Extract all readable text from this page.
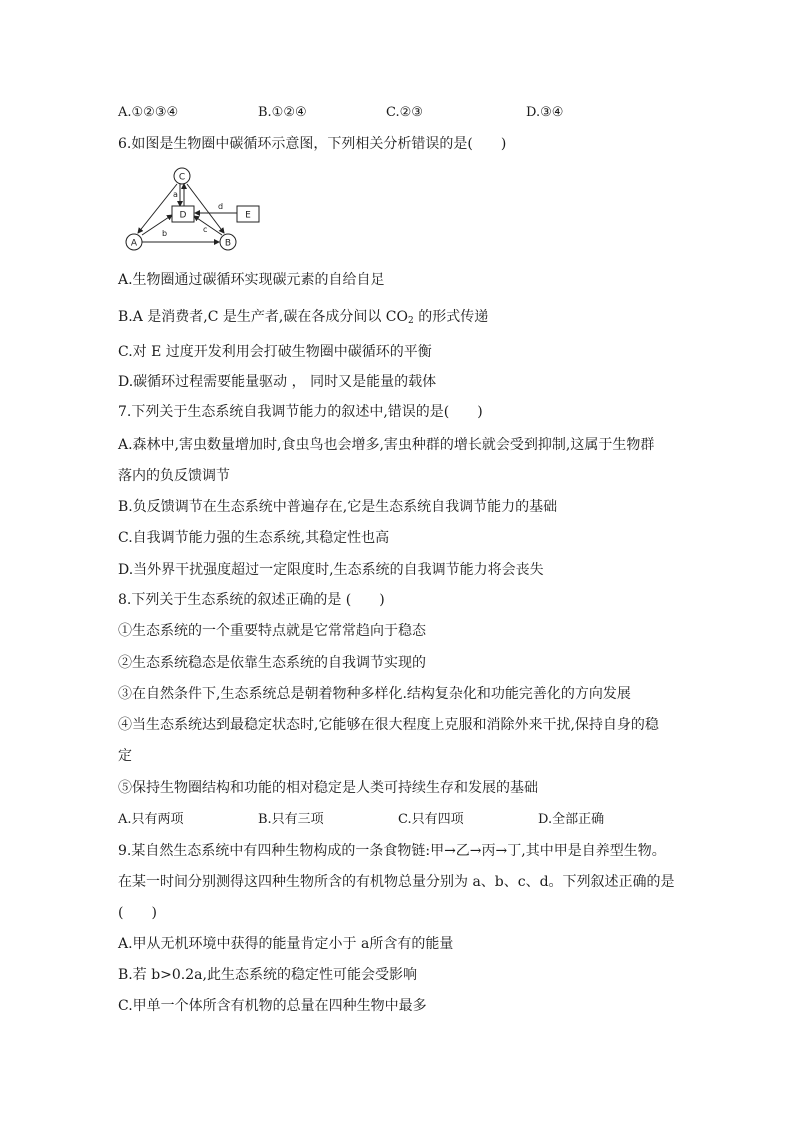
A.①②③④	B.①②④	C.②③	D.③④
6.如图是生物圈中碳循环示意图，下列相关分析错误的是(　　)
C
D	E
A	B
a
b	c
d
A.生物圈通过碳循环实现碳元素的自给自足
B.A 是消费者,C 是生产者,碳在各成分间以 $CO_2$ 的形式传递
C.对 E 过度开发利用会打破生物圈中碳循环的平衡
D.碳循环过程需要能量驱动 ， 同时又是能量的载体
7.下列关于生态系统自我调节能力的叙述中,错误的是(　　)
A.森林中,害虫数量增加时,食虫鸟也会增多,害虫种群的增长就会受到抑制,这属于生物群
落内的负反馈调节
B.负反馈调节在生态系统中普遍存在,它是生态系统自我调节能力的基础
C.自我调节能力强的生态系统,其稳定性也高
D.当外界干扰强度超过一定限度时,生态系统的自我调节能力将会丧失
8.下列关于生态系统的叙述正确的是 (　　)
①生态系统的一个重要特点就是它常常趋向于稳态
②生态系统稳态是依靠生态系统的自我调节实现的
③在自然条件下,生态系统总是朝着物种多样化.结构复杂化和功能完善化的方向发展
④当生态系统达到最稳定状态时,它能够在很大程度上克服和消除外来干扰,保持自身的稳
定
⑤保持生物圈结构和功能的相对稳定是人类可持续生存和发展的基础
A.只有两项	B.只有三项	C.只有四项	D.全部正确
9.某自然生态系统中有四种生物构成的一条食物链:甲→乙→丙→丁,其中甲是自养型生物。
在某一时间分别测得这四种生物所含的有机物总量分别为 a、b、c、d。下列叙述正确的是
(　　)
A.甲从无机环境中获得的能量肯定小于 a所含有的能量
B.若 b>0.2a,此生态系统的稳定性可能会受影响
C.甲单一个体所含有机物的总量在四种生物中最多
